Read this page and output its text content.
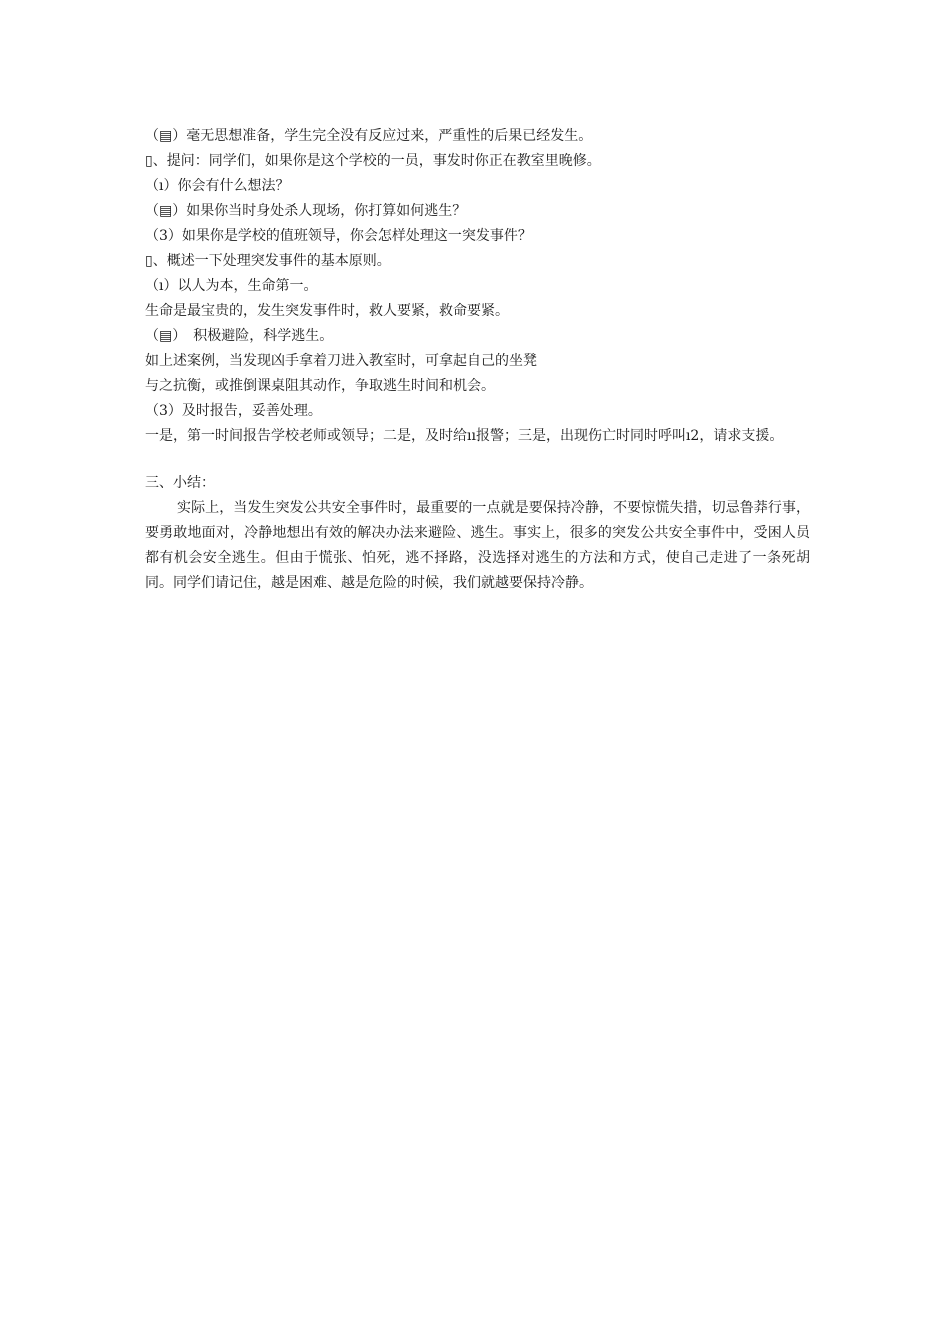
（▤）毫无思想准备，学生完全没有反应过来，严重性的后果已经发生。
▯、提问：同学们，如果你是这个学校的一员，事发时你正在教室里晚修。
（ı）你会有什么想法？
（▤）如果你当时身处杀人现场，你打算如何逃生？
（3）如果你是学校的值班领导，你会怎样处理这一突发事件？
▯、概述一下处理突发事件的基本原则。
（ı）以人为本，生命第一。
生命是最宝贵的，发生突发事件时，救人要紧，救命要紧。
（▤）　积极避险，科学逃生。
如上述案例，当发现凶手拿着刀进入教室时，可拿起自己的坐凳
与之抗衡，或推倒课桌阻其动作，争取逃生时间和机会。
（3）及时报告，妥善处理。
一是，第一时间报告学校老师或领导；二是，及时给ıı报警；三是，出现伤亡时同时呼叫ı2，请求支援。
三、小结：
实际上，当发生突发公共安全事件时，最重要的一点就是要保持冷静，不要惊慌失措，切忌鲁莽行事，要勇敢地面对，冷静地想出有效的解决办法来避险、逃生。事实上，很多的突发公共安全事件中，受困人员都有机会安全逃生。但由于慌张、怕死，逃不择路，没选择对逃生的方法和方式，使自己走进了一条死胡同。同学们请记住，越是困难、越是危险的时候，我们就越要保持冷静。
